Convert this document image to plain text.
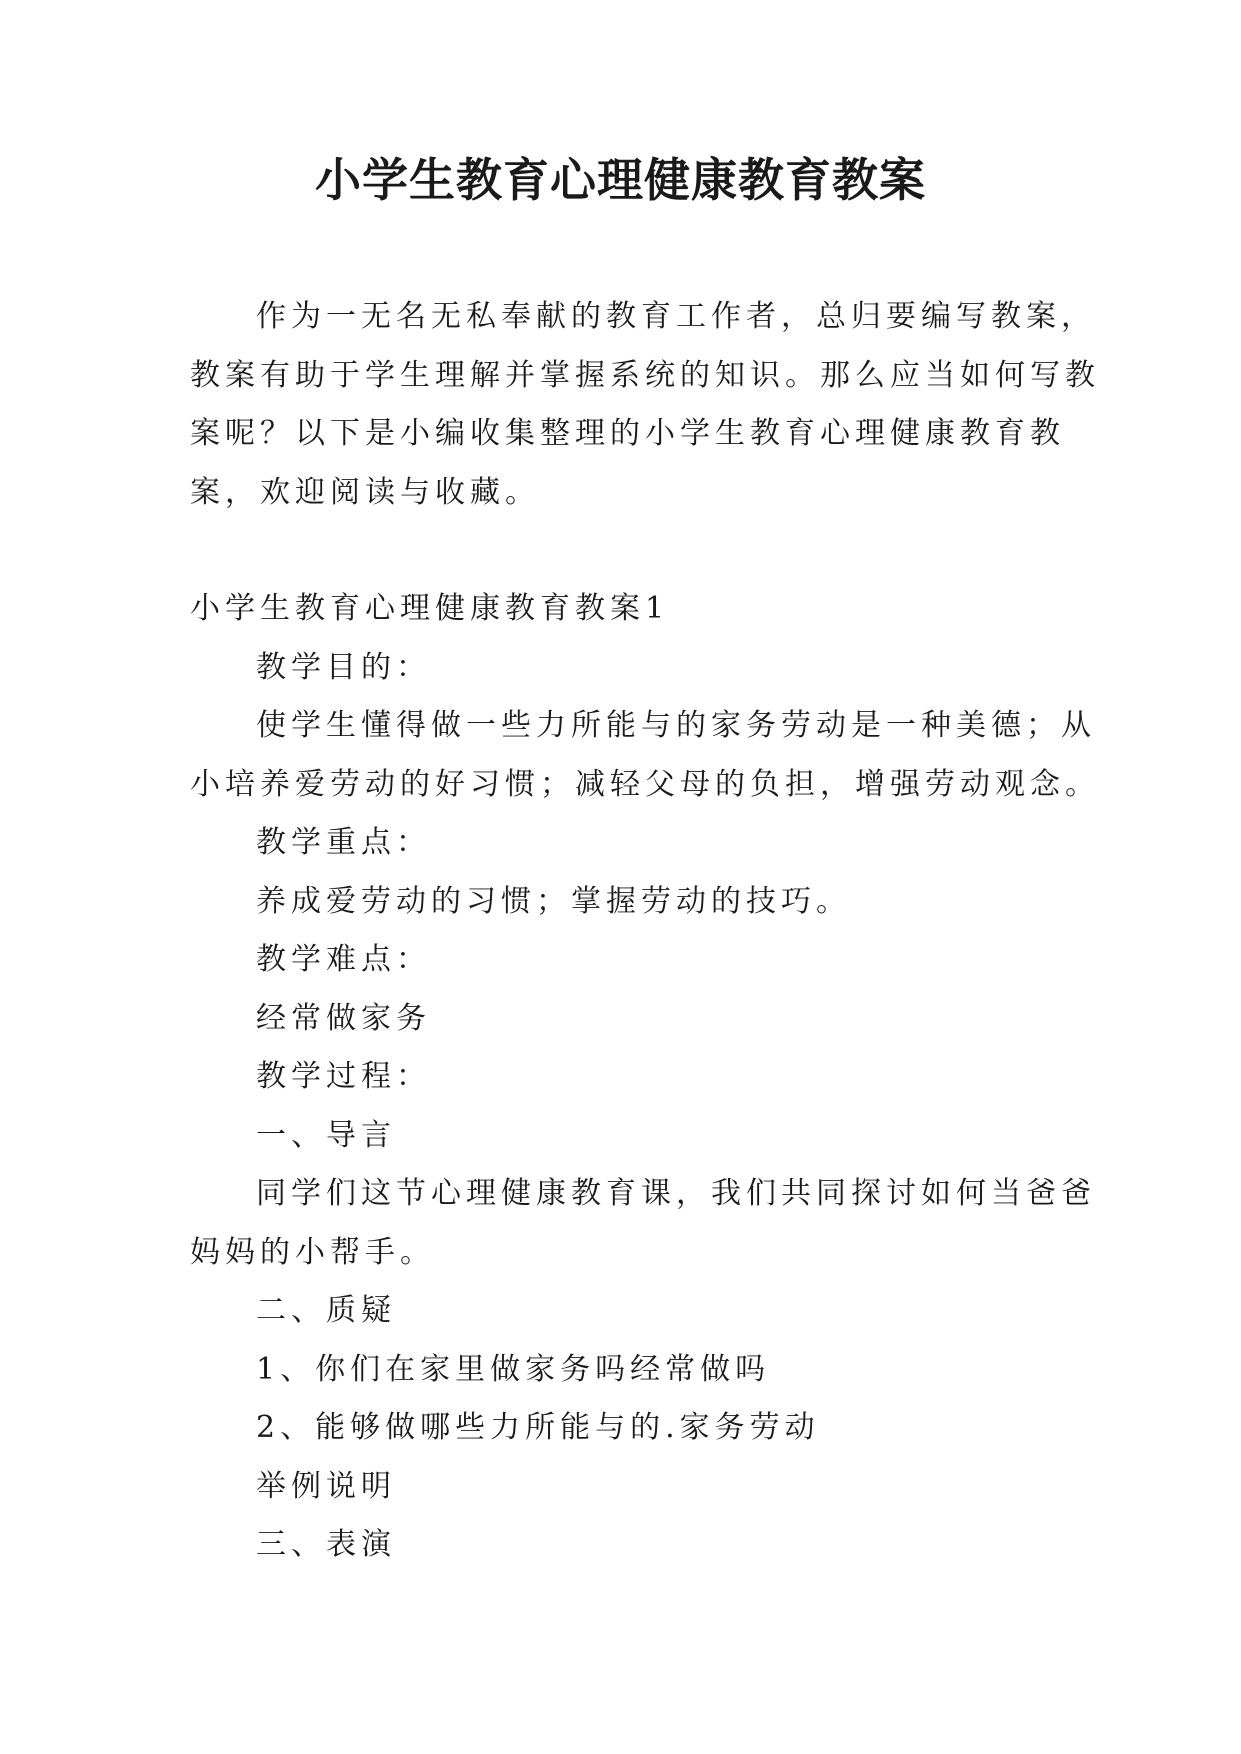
小学生教育心理健康教育教案

作为一无名无私奉献的教育工作者，总归要编写教案，

教案有助于学生理解并掌握系统的知识。那么应当如何写教

案呢？以下是小编收集整理的小学生教育心理健康教育教

案，欢迎阅读与收藏。

小学生教育心理健康教育教案1

教学目的：

使学生懂得做一些力所能与的家务劳动是一种美德；从

小培养爱劳动的好习惯；减轻父母的负担，增强劳动观念。

教学重点：

养成爱劳动的习惯；掌握劳动的技巧。

教学难点：

经常做家务

教学过程：

一、导言

同学们这节心理健康教育课，我们共同探讨如何当爸爸

妈妈的小帮手。

二、质疑

1、你们在家里做家务吗经常做吗

2、能够做哪些力所能与的.家务劳动

举例说明

三、表演
